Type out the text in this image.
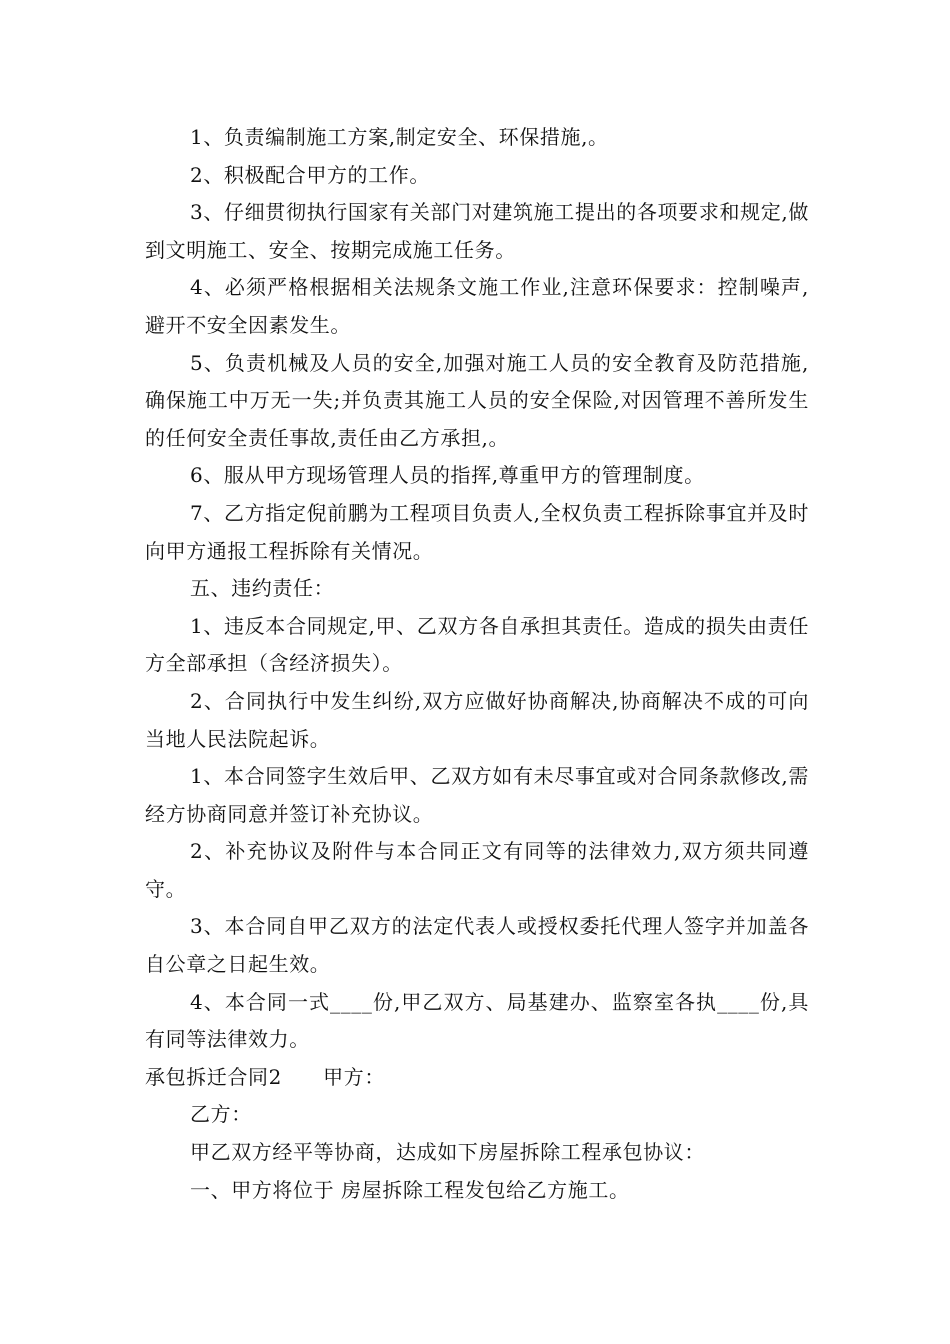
1、负责编制施工方案,制定安全、环保措施,。

2、积极配合甲方的工作。

3、仔细贯彻执行国家有关部门对建筑施工提出的各项要求和规定,做到文明施工、安全、按期完成施工任务。

4、必须严格根据相关法规条文施工作业,注意环保要求：控制噪声,避开不安全因素发生。

5、负责机械及人员的安全,加强对施工人员的安全教育及防范措施,确保施工中万无一失;并负责其施工人员的安全保险,对因管理不善所发生的任何安全责任事故,责任由乙方承担,。

6、服从甲方现场管理人员的指挥,尊重甲方的管理制度。

7、乙方指定倪前鹏为工程项目负责人,全权负责工程拆除事宜并及时向甲方通报工程拆除有关情况。

五、违约责任：

1、违反本合同规定,甲、乙双方各自承担其责任。造成的损失由责任方全部承担（含经济损失）。

2、合同执行中发生纠纷,双方应做好协商解决,协商解决不成的可向当地人民法院起诉。

1、本合同签字生效后甲、乙双方如有未尽事宜或对合同条款修改,需经方协商同意并签订补充协议。

2、补充协议及附件与本合同正文有同等的法律效力,双方须共同遵守。

3、本合同自甲乙双方的法定代表人或授权委托代理人签字并加盖各自公章之日起生效。

4、本合同一式____份,甲乙双方、局基建办、监察室各执____份,具有同等法律效力。

承包拆迁合同2　　甲方：

乙方：

甲乙双方经平等协商，达成如下房屋拆除工程承包协议：

一、甲方将位于 房屋拆除工程发包给乙方施工。
